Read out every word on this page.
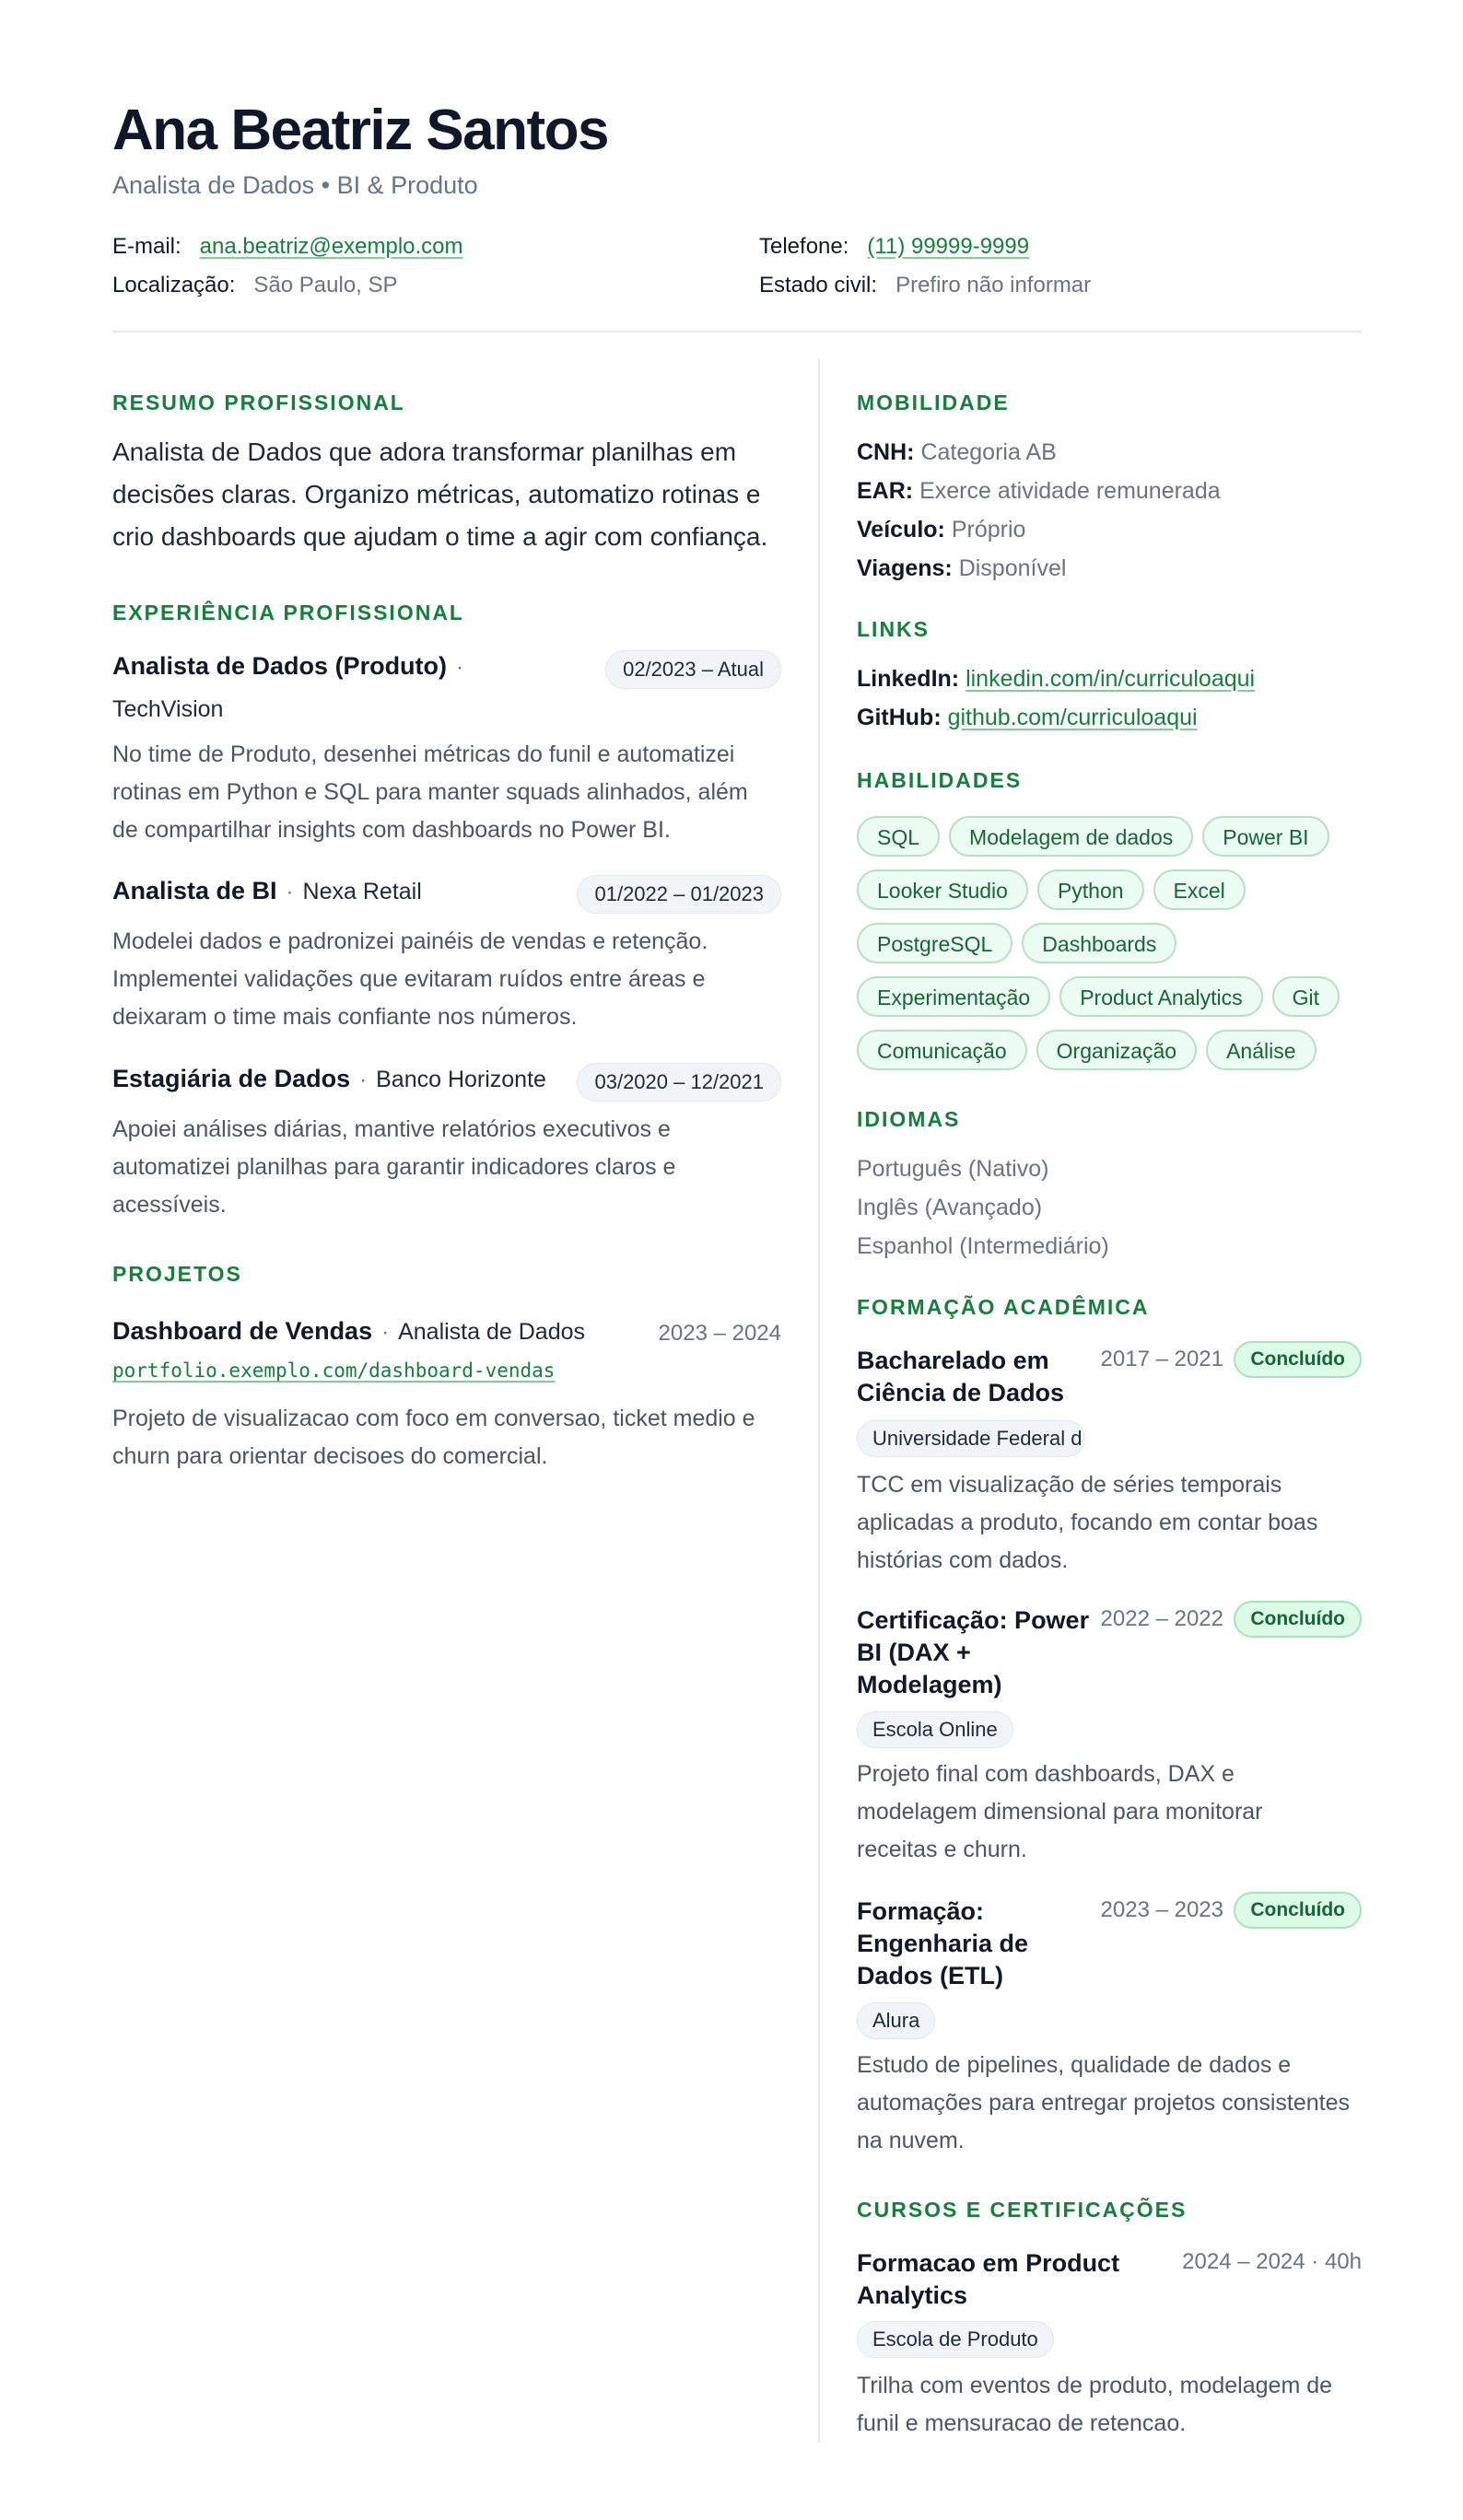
Ana Beatriz Santos
Analista de Dados • BI & Produto
E-mail: ana.beatriz@exemplo.com
Localização: São Paulo, SP
Telefone: (11) 99999-9999
Estado civil: Prefiro não informar
RESUMO PROFISSIONAL
Analista de Dados que adora transformar planilhas em
decisões claras. Organizo métricas, automatizo rotinas e
crio dashboards que ajudam o time a agir com confiança.
EXPERIÊNCIA PROFISSIONAL
Analista de Dados (Produto) ·	02/2023 – Atual
TechVision
No time de Produto, desenhei métricas do funil e automatizei
rotinas em Python e SQL para manter squads alinhados, além
de compartilhar insights com dashboards no Power BI.
Analista de BI · Nexa Retail	01/2022 – 01/2023
Modelei dados e padronizei painéis de vendas e retenção.
Implementei validações que evitaram ruídos entre áreas e
deixaram o time mais confiante nos números.
Estagiária de Dados · Banco Horizonte	03/2020 – 12/2021
Apoiei análises diárias, mantive relatórios executivos e
automatizei planilhas para garantir indicadores claros e
acessíveis.
PROJETOS
Dashboard de Vendas · Analista de Dados	2023 – 2024
portfolio.exemplo.com/dashboard-vendas
Projeto de visualizacao com foco em conversao, ticket medio e
churn para orientar decisoes do comercial.
MOBILIDADE
CNH: Categoria AB
EAR: Exerce atividade remunerada
Veículo: Próprio
Viagens: Disponível
LINKS
LinkedIn: linkedin.com/in/curriculoaqui
GitHub: github.com/curriculoaqui
HABILIDADES
SQL	Modelagem de dados	Power BI
Looker Studio	Python	Excel
PostgreSQL	Dashboards
Experimentação	Product Analytics	Git
Comunicação	Organização	Análise
IDIOMAS
Português (Nativo)
Inglês (Avançado)
Espanhol (Intermediário)
FORMAÇÃO ACADÊMICA
Bacharelado em
Ciência de Dados
2017 – 2021	Concluído
Universidade Federal d
TCC em visualização de séries temporais
aplicadas a produto, focando em contar boas
histórias com dados.
Certificação: Power
BI (DAX +
Modelagem)
2022 – 2022	Concluído
Escola Online
Projeto final com dashboards, DAX e
modelagem dimensional para monitorar
receitas e churn.
Formação:
Engenharia de
Dados (ETL)
2023 – 2023	Concluído
Alura
Estudo de pipelines, qualidade de dados e
automações para entregar projetos consistentes
na nuvem.
CURSOS E CERTIFICAÇÕES
Formacao em Product
Analytics
2024 – 2024 · 40h
Escola de Produto
Trilha com eventos de produto, modelagem de
funil e mensuracao de retencao.
